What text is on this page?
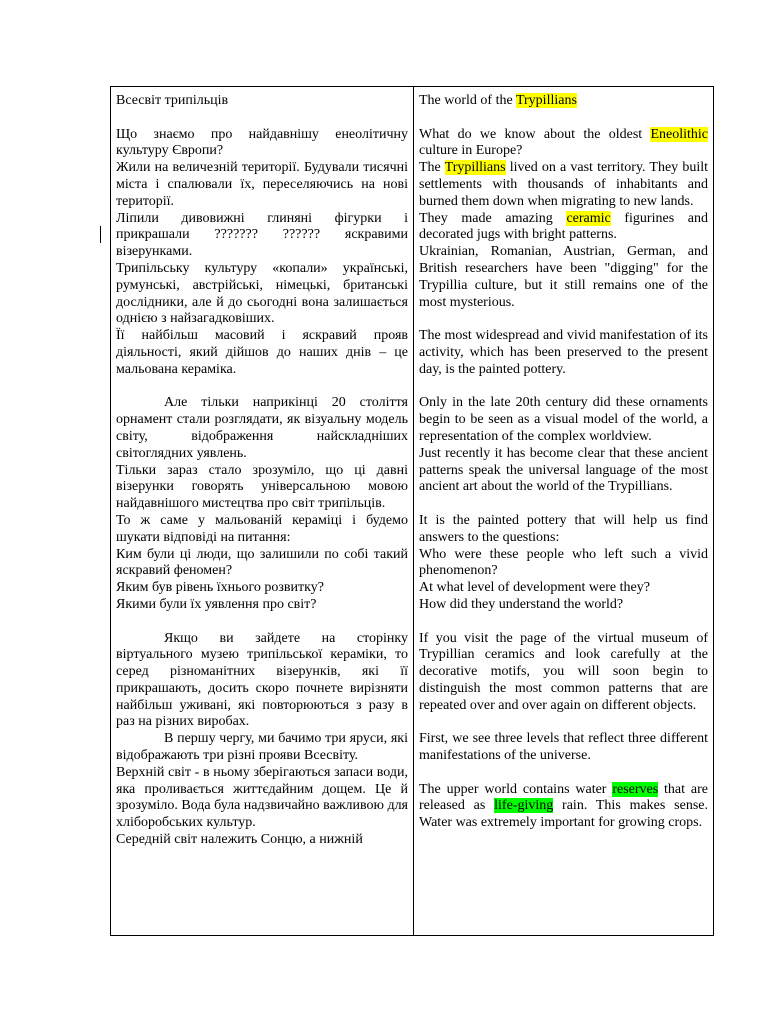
Всесвіт трипільців

Що знаємо про найдавнішу енеолітичну культуру Європи?

Жили на величезній території. Будували тисячні міста і спалювали їх, переселяючись на нові території.

Ліпили дивовижні глиняні фігурки і прикрашали ??????? ?????? яскравими візерунками.

Трипільську культуру «копали» українські, румунські, австрійські, німецькі, британські дослідники, але й до сьогодні вона залишається однією з найзагадковіших.

Її найбільш масовий і яскравий прояв діяльності, який дійшов до наших днів – це мальована кераміка.

Але тільки наприкінці 20 століття орнамент стали розглядати, як візуальну модель світу, відображення найскладніших світоглядних уявлень.

Тільки зараз стало зрозуміло, що ці давні візерунки говорять універсальною мовою найдавнішого мистецтва про світ трипільців.

То ж саме у мальованій кераміці і будемо шукати відповіді на питання:

Ким були ці люди, що залишили по собі такий яскравий феномен?

Яким був рівень їхнього розвитку?

Якими були їх уявлення про світ?

Якщо ви зайдете на сторінку віртуального музею трипільської кераміки, то серед різноманітних візерунків, які її прикрашають, досить скоро почнете вирізняти найбільш уживані, які повторюються з разу в раз на різних виробах.

В першу чергу, ми бачимо три яруси, які відображають три різні прояви Всесвіту.

Верхній світ - в ньому зберігаються запаси води, яка проливається життєдайним дощем. Це й зрозуміло. Вода була надзвичайно важливою для хліборобських культур.

Середній світ належить Сонцю, а нижній

The world of the Trypillians

What do we know about the oldest Eneolithic culture in Europe?

The Trypillians lived on a vast territory. They built settlements with thousands of inhabitants and burned them down when migrating to new lands.

They made amazing ceramic figurines and decorated jugs with bright patterns.

Ukrainian, Romanian, Austrian, German, and British researchers have been "digging" for the Trypillia culture, but it still remains one of the most mysterious.

The most widespread and vivid manifestation of its activity, which has been preserved to the present day, is the painted pottery.

Only in the late 20th century did these ornaments begin to be seen as a visual model of the world, a representation of the complex worldview.

Just recently it has become clear that these ancient patterns speak the universal language of the most ancient art about the world of the Trypillians.

It is the painted pottery that will help us find answers to the questions:

Who were these people who left such a vivid phenomenon?

At what level of development were they?

How did they understand the world?

If you visit the page of the virtual museum of Trypillian ceramics and look carefully at the decorative motifs, you will soon begin to distinguish the most common patterns that are repeated over and over again on different objects.

First, we see three levels that reflect three different manifestations of the universe.

The upper world contains water reserves that are released as life-giving rain. This makes sense. Water was extremely important for growing crops.
